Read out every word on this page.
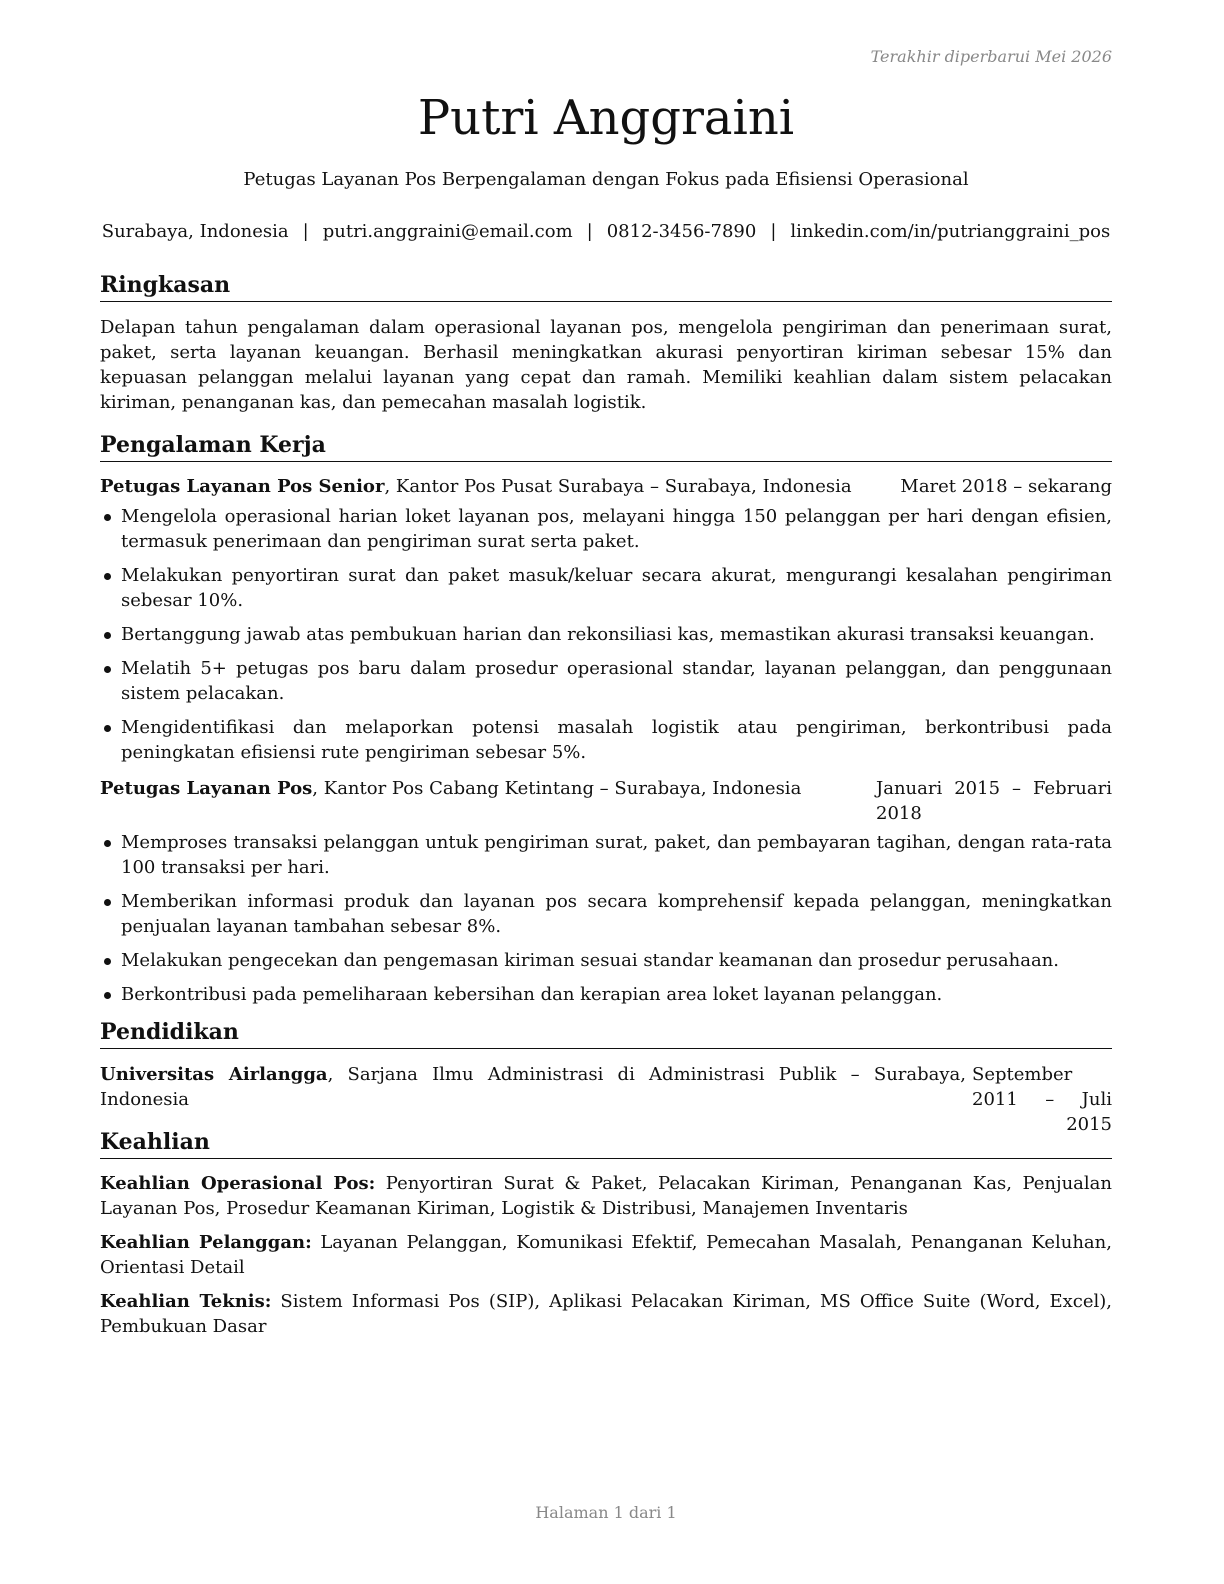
Terakhir diperbarui Mei 2026
Putri Anggraini
Petugas Layanan Pos Berpengalaman dengan Fokus pada Efisiensi Operasional
Surabaya, Indonesia | putri.anggraini@email.com | 0812-3456-7890 | linkedin.com/in/putrianggraini_pos
Ringkasan

Delapan tahun pengalaman dalam operasional layanan pos, mengelola pengiriman dan penerimaan surat, paket, serta layanan keuangan. Berhasil meningkatkan akurasi penyortiran kiriman sebesar 15% dan kepuasan pelanggan melalui layanan yang cepat dan ramah. Memiliki keahlian dalam sistem pelacakan kiriman, penanganan kas, dan pemecahan masalah logistik.

Pengalaman Kerja
Petugas Layanan Pos Senior, Kantor Pos Pusat Surabaya – Surabaya, Indonesia	Maret 2018 – sekarang
Mengelola operasional harian loket layanan pos, melayani hingga 150 pelanggan per hari dengan efisien, termasuk penerimaan dan pengiriman surat serta paket.
Melakukan penyortiran surat dan paket masuk/keluar secara akurat, mengurangi kesalahan pengiriman sebesar 10%.
Bertanggung jawab atas pembukuan harian dan rekonsiliasi kas, memastikan akurasi transaksi keuangan.
Melatih 5+ petugas pos baru dalam prosedur operasional standar, layanan pelanggan, dan penggunaan sistem pelacakan.
Mengidentifikasi dan melaporkan potensi masalah logistik atau pengiriman, berkontribusi pada peningkatan efisiensi rute pengiriman sebesar 5%.
Petugas Layanan Pos, Kantor Pos Cabang Ketintang – Surabaya, Indonesia	Januari 2015 – Februari 2018
Memproses transaksi pelanggan untuk pengiriman surat, paket, dan pembayaran tagihan, dengan rata-rata 100 transaksi per hari.
Memberikan informasi produk dan layanan pos secara komprehensif kepada pelanggan, meningkatkan penjualan layanan tambahan sebesar 8%.
Melakukan pengecekan dan pengemasan kiriman sesuai standar keamanan dan prosedur perusahaan.
Berkontribusi pada pemeliharaan kebersihan dan kerapian area loket layanan pelanggan.
Pendidikan
Universitas Airlangga, Sarjana Ilmu Administrasi di Administrasi Publik – Surabaya, Indonesia
September 2011 – Juli 2015
Keahlian

Keahlian Operasional Pos: Penyortiran Surat & Paket, Pelacakan Kiriman, Penanganan Kas, Penjualan Layanan Pos, Prosedur Keamanan Kiriman, Logistik & Distribusi, Manajemen Inventaris

Keahlian Pelanggan: Layanan Pelanggan, Komunikasi Efektif, Pemecahan Masalah, Penanganan Keluhan, Orientasi Detail

Keahlian Teknis: Sistem Informasi Pos (SIP), Aplikasi Pelacakan Kiriman, MS Office Suite (Word, Excel), Pembukuan Dasar

Halaman 1 dari 1
